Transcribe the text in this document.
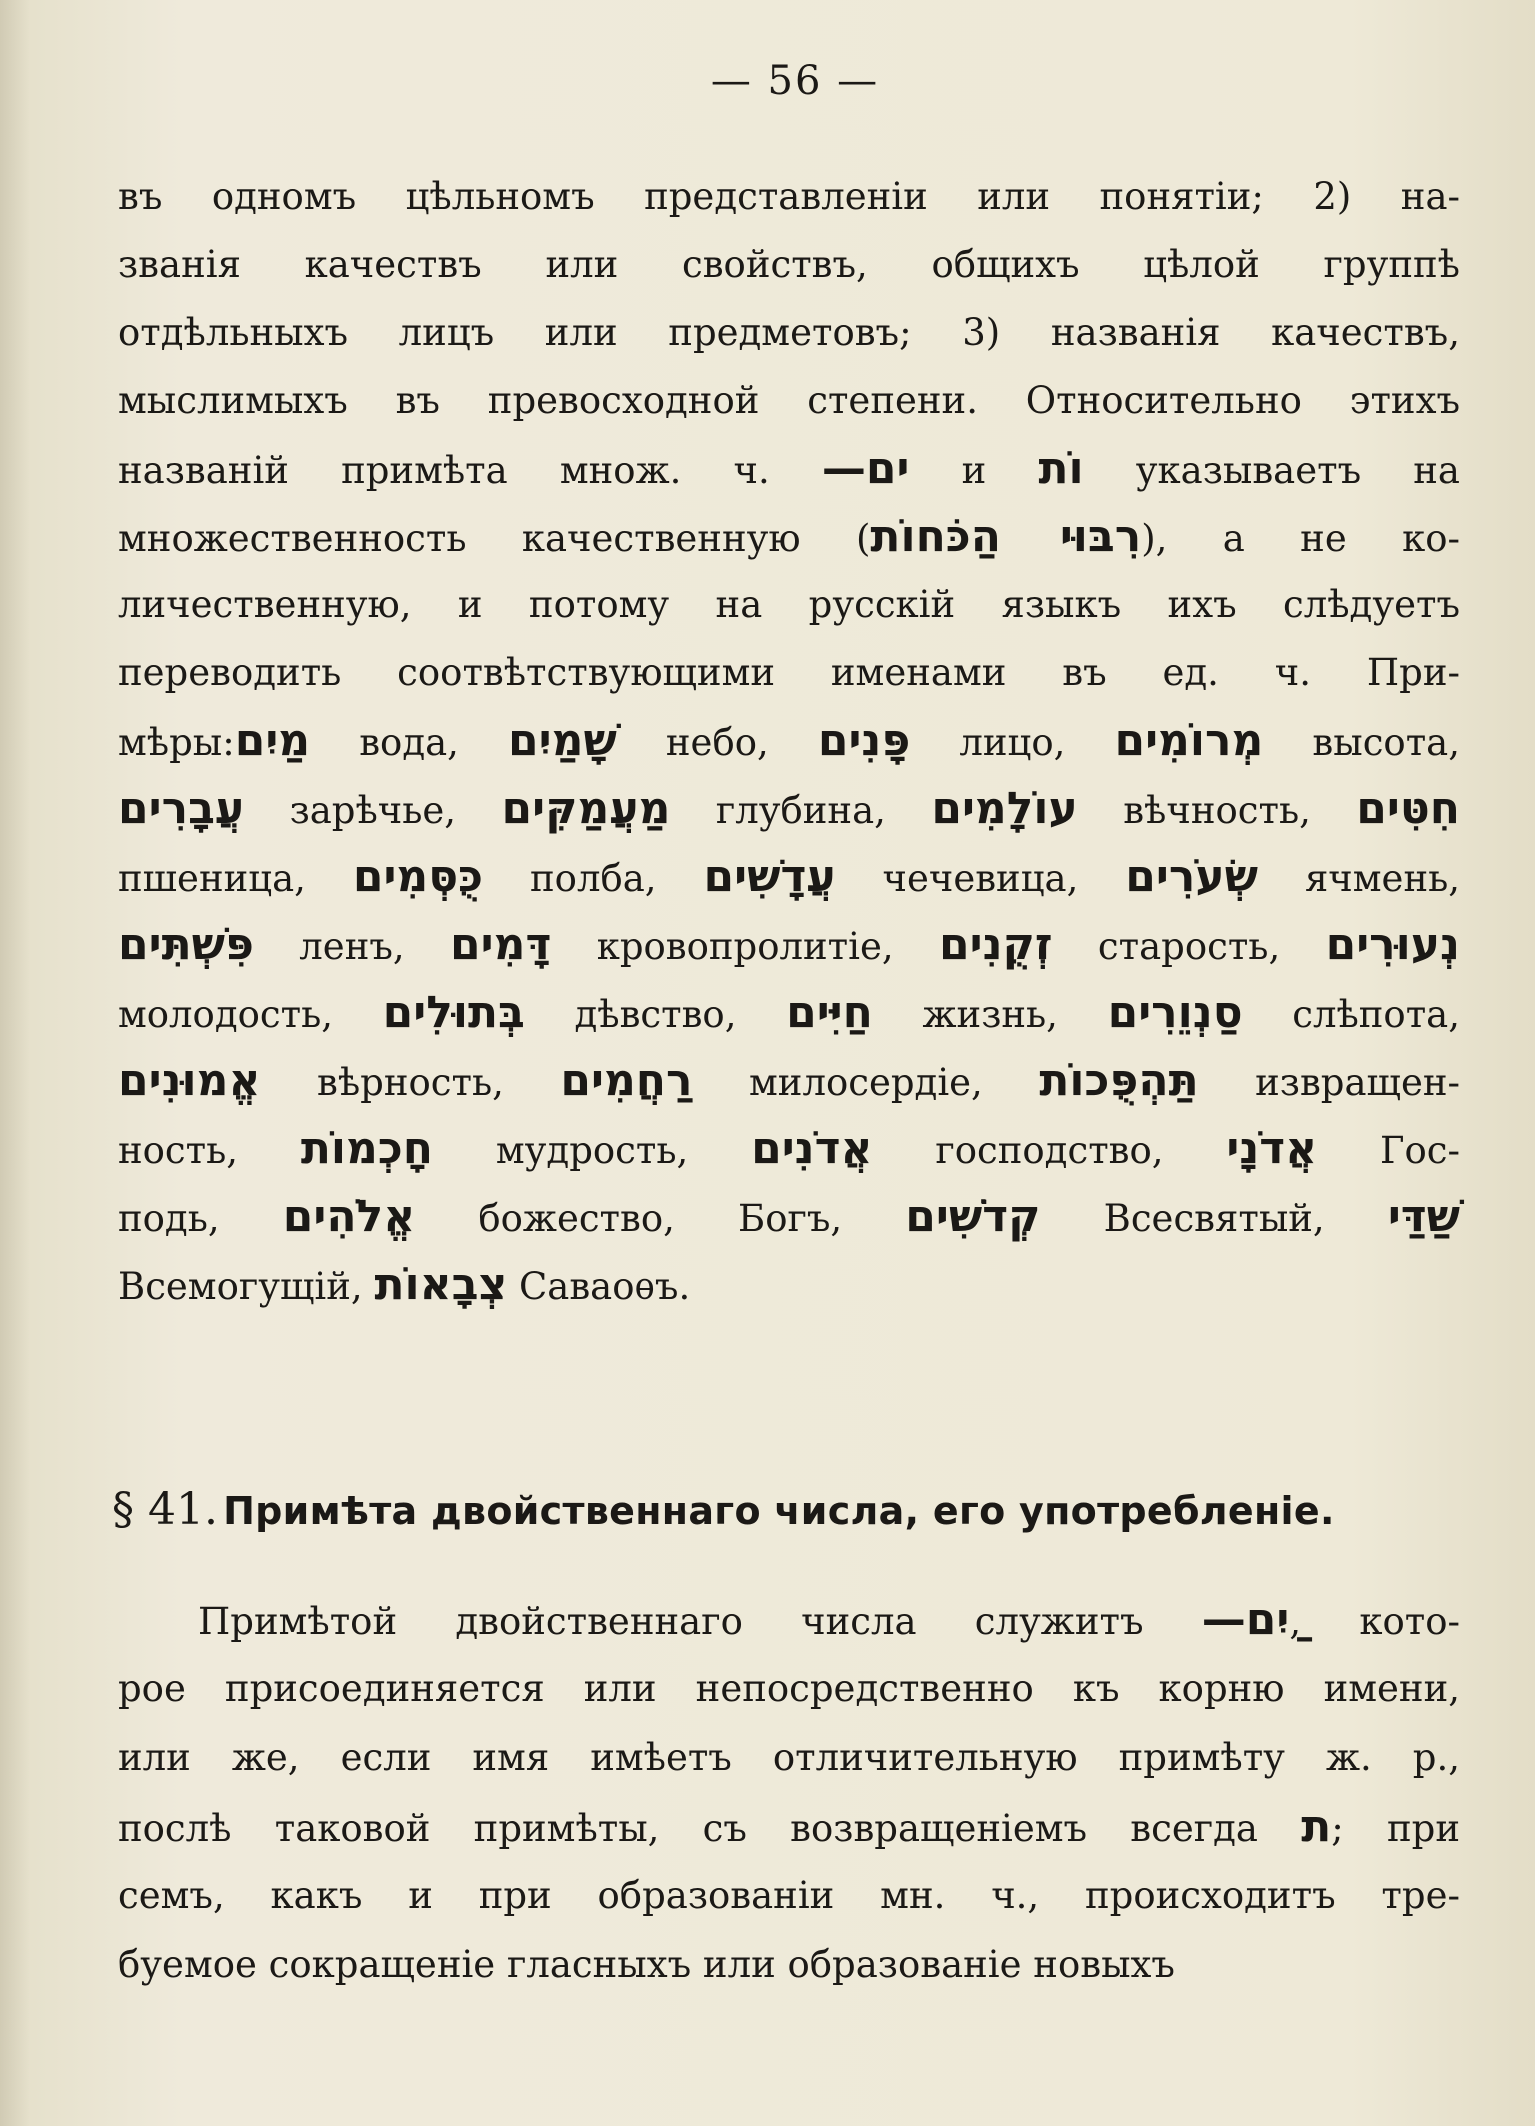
— 56 —
въ одномъ цѣльномъ представленіи или понятіи; 2) на-
званія качествъ или свойствъ, общихъ цѣлой группѣ
отдѣльныхъ лицъ или предметовъ; 3) названія качествъ,
мыслимыхъ въ превосходной степени. Относительно этихъ
названій примѣта множ. ч. ים— и וֹת указываетъ на
множественность качественную (רִבּוּי הַכֹּחוֹת), а не ко-
личественную, и потому на русскій языкъ ихъ слѣдуетъ
переводить соотвѣтствующими именами въ ед. ч. При-
мѣры:מַיִם вода, שָׁמַיִם небо, פָּנִים лицо, מְרוֹמִים высота,
עֲבָרִים зарѣчье, מַעֲמַקִּים глубина, עוֹלָמִים вѣчность, חִטִּים
пшеница, כֻּסְּמִים полба, עֲדָשִׁים чечевица, שְׂעֹרִים ячмень,
פִּשְׁתִּים ленъ, דָּמִים кровопролитіе, זְקֻנִים старость, נְעוּרִים
молодость, בְּתוּלִים дѣвство, חַיִּים жизнь, סַנְוֵרִים слѣпота,
אֱמוּנִים вѣрность, רַחֲמִים милосердіе, תַּהְפֻּכוֹת извращен-
ность, חָכְמוֹת мудрость, אֲדֹנִים господство, אֲדֹנָי Гос-
подь, אֱלֹהִים божество, Богъ, קְדֹשִׁים Всесвятый, שַׁדַּי
Всемогущій, צְבָאוֹת Саваоѳъ.
§ 41. Примѣта двойственнаго числа, его употребленіе.
Примѣтой двойственнаго числа служитъ ַיִם—, кото-
рое присоединяется или непосредственно къ корню имени,
или же, если имя имѣетъ отличительную примѣту ж. р.,
послѣ таковой примѣты, съ возвращеніемъ всегда ת; при
семъ, какъ и при образованіи мн. ч., происходитъ тре-
буемое сокращеніе гласныхъ или образованіе новыхъ
